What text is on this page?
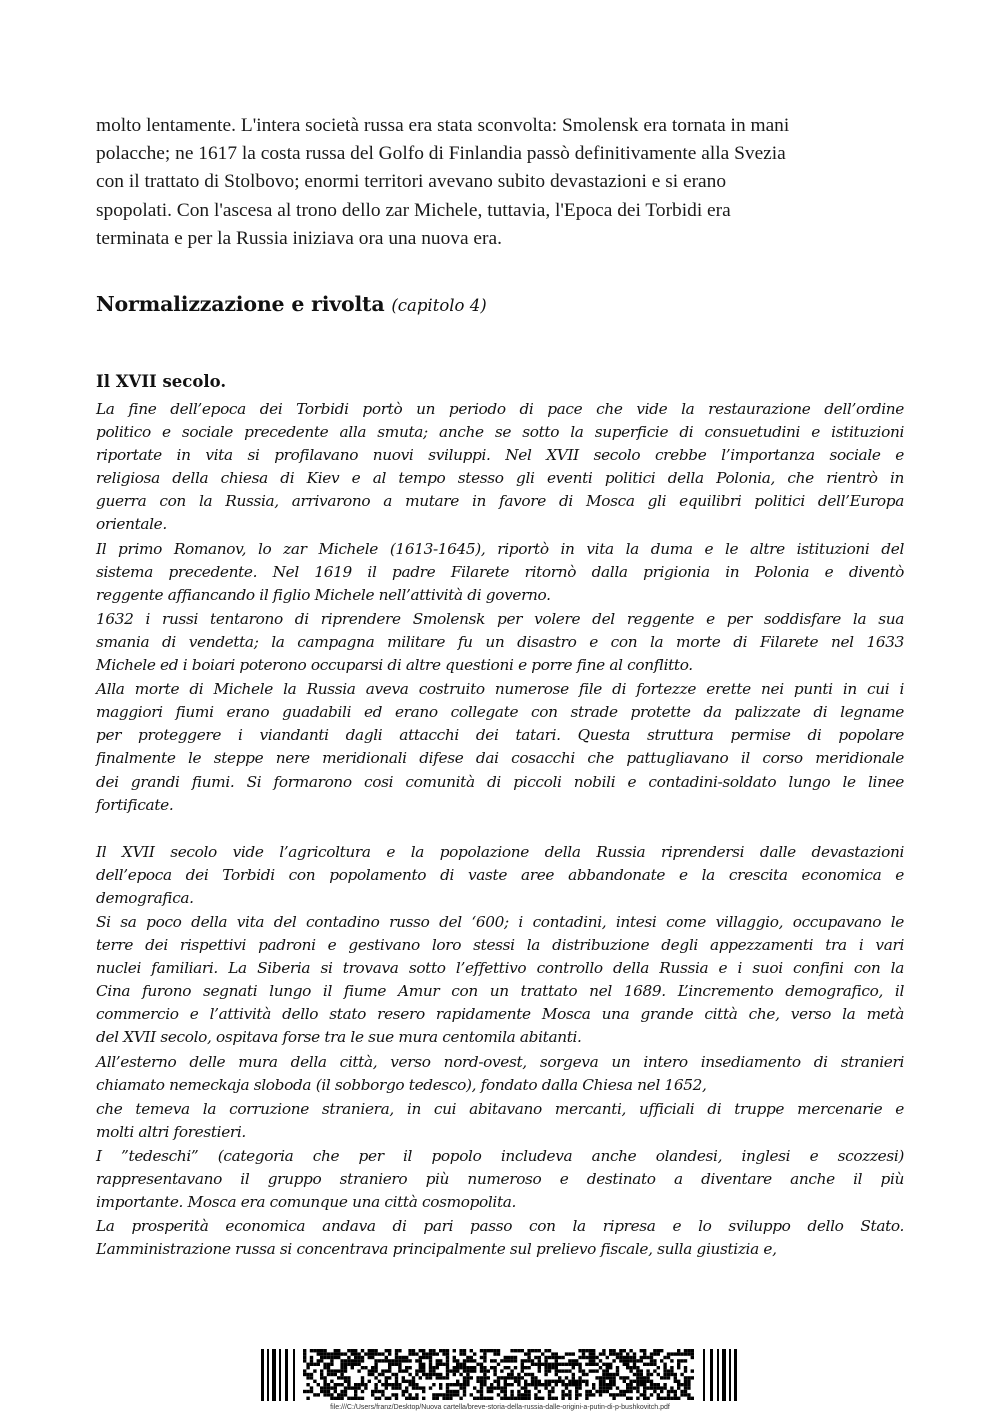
molto lentamente. L'intera società russa era stata sconvolta: Smolensk era tornata in mani
polacche; ne 1617 la costa russa del Golfo di Finlandia passò definitivamente alla Svezia
con il trattato di Stolbovo; enormi territori avevano subito devastazioni e si erano
spopolati. Con l'ascesa al trono dello zar Michele, tuttavia, l'Epoca dei Torbidi era
terminata e per la Russia iniziava ora una nuova era.
Normalizzazione e rivolta (capitolo 4)
Il XVII secolo.
La fine dell’epoca dei Torbidi portò un periodo di pace che vide la restaurazione dell’ordine
politico e sociale precedente alla smuta; anche se sotto la superficie di consuetudini e istituzioni
riportate in vita si profilavano nuovi sviluppi. Nel XVII secolo crebbe l’importanza sociale e
religiosa della chiesa di Kiev e al tempo stesso gli eventi politici della Polonia, che rientrò in
guerra con la Russia, arrivarono a mutare in favore di Mosca gli equilibri politici dell’Europa
orientale.
Il primo Romanov, lo zar Michele (1613-1645), riportò in vita la duma e le altre istituzioni del
sistema precedente. Nel 1619 il padre Filarete ritornò dalla prigionia in Polonia e diventò
reggente affiancando il figlio Michele nell’attività di governo.
1632 i russi tentarono di riprendere Smolensk per volere del reggente e per soddisfare la sua
smania di vendetta; la campagna militare fu un disastro e con la morte di Filarete nel 1633
Michele ed i boiari poterono occuparsi di altre questioni e porre fine al conflitto.
Alla morte di Michele la Russia aveva costruito numerose file di fortezze erette nei punti in cui i
maggiori fiumi erano guadabili ed erano collegate con strade protette da palizzate di legname
per proteggere i viandanti dagli attacchi dei tatari. Questa struttura permise di popolare
finalmente le steppe nere meridionali difese dai cosacchi che pattugliavano il corso meridionale
dei grandi fiumi. Si formarono cosi comunità di piccoli nobili e contadini-soldato lungo le linee
fortificate.
Il XVII secolo vide l’agricoltura e la popolazione della Russia riprendersi dalle devastazioni
dell’epoca dei Torbidi con popolamento di vaste aree abbandonate e la crescita economica e
demografica.
Si sa poco della vita del contadino russo del ‘600; i contadini, intesi come villaggio, occupavano le
terre dei rispettivi padroni e gestivano loro stessi la distribuzione degli appezzamenti tra i vari
nuclei familiari. La Siberia si trovava sotto l’effettivo controllo della Russia e i suoi confini con la
Cina furono segnati lungo il fiume Amur con un trattato nel 1689. L’incremento demografico, il
commercio e l’attività dello stato resero rapidamente Mosca una grande città che, verso la metà
del XVII secolo, ospitava forse tra le sue mura centomila abitanti.
All’esterno delle mura della città, verso nord-ovest, sorgeva un intero insediamento di stranieri
chiamato nemeckaja sloboda (il sobborgo tedesco), fondato dalla Chiesa nel 1652,
che temeva la corruzione straniera, in cui abitavano mercanti, ufficiali di truppe mercenarie e
molti altri forestieri.
I ”tedeschi” (categoria che per il popolo includeva anche olandesi, inglesi e scozzesi)
rappresentavano il gruppo straniero più numeroso e destinato a diventare anche il più
importante. Mosca era comunque una città cosmopolita.
La prosperità economica andava di pari passo con la ripresa e lo sviluppo dello Stato.
L’amministrazione russa si concentrava principalmente sul prelievo fiscale, sulla giustizia e,
file:///C:/Users/franz/Desktop/Nuova cartella/breve-storia-della-russia-dalle-origini-a-putin-di-p-bushkovitch.pdf
